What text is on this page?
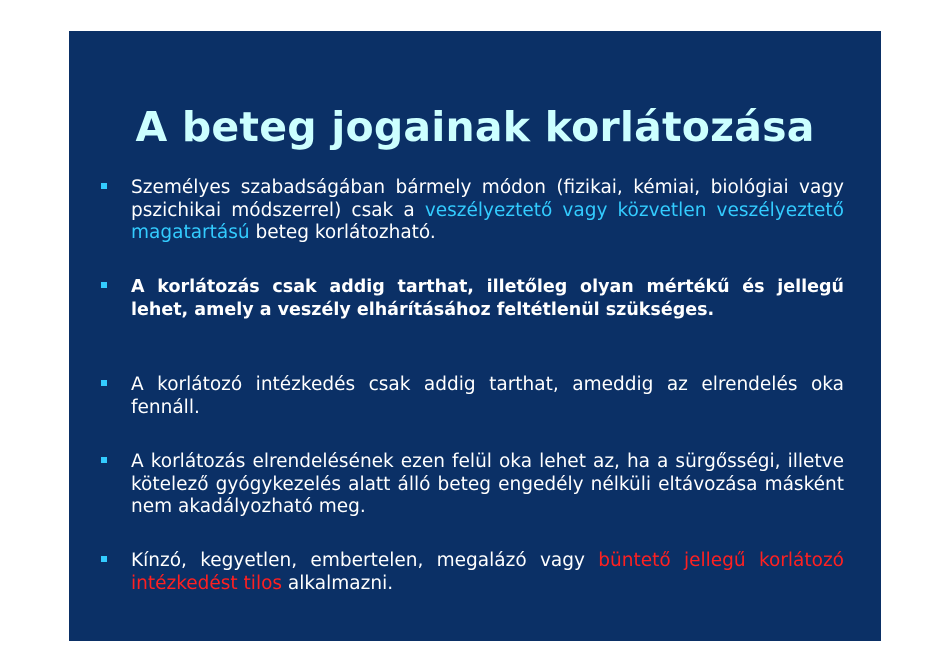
A beteg jogainak korlátozása

Személyes szabadságában bármely módon (fizikai, kémiai, biológiai vagy pszichikai módszerrel) csak a veszélyeztető vagy közvetlen veszélyeztető magatartású beteg korlátozható.

A korlátozás csak addig tarthat, illetőleg olyan mértékű és jellegű lehet, amely a veszély elhárításához feltétlenül szükséges.

A korlátozó intézkedés csak addig tarthat, ameddig az elrendelés oka fennáll.

A korlátozás elrendelésének ezen felül oka lehet az, ha a sürgősségi, illetve kötelező gyógykezelés alatt álló beteg engedély nélküli eltávozása másként nem akadályozható meg.

Kínzó, kegyetlen, embertelen, megalázó vagy büntető jellegű korlátozó intézkedést tilos alkalmazni.
